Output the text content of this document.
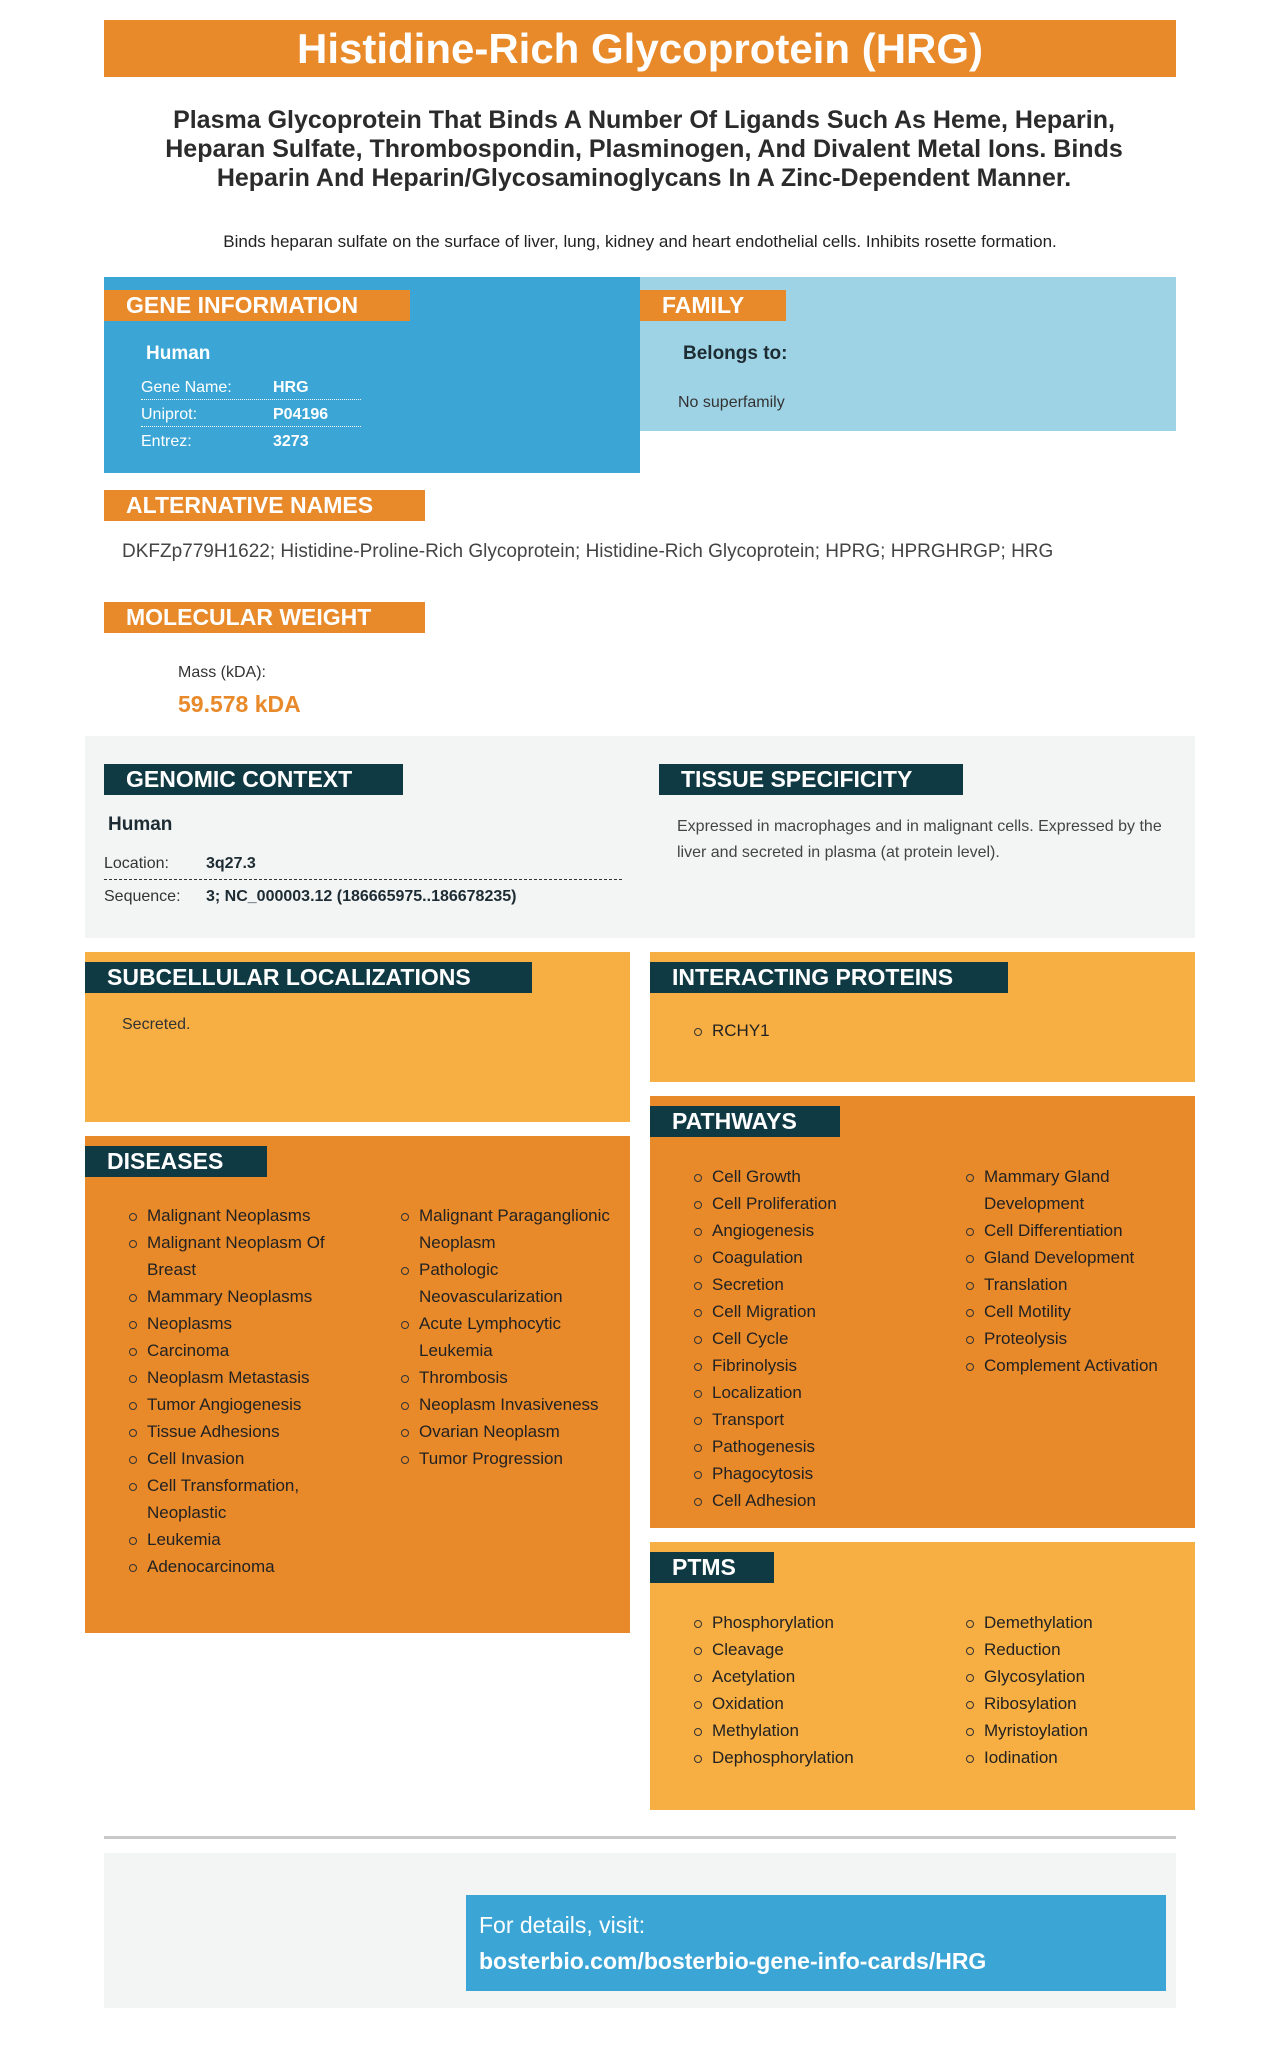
Histidine-Rich Glycoprotein (HRG)
Plasma Glycoprotein That Binds A Number Of Ligands Such As Heme, Heparin, Heparan Sulfate, Thrombospondin, Plasminogen, And Divalent Metal Ions. Binds Heparin And Heparin/Glycosaminoglycans In A Zinc-Dependent Manner.
Binds heparan sulfate on the surface of liver, lung, kidney and heart endothelial cells. Inhibits rosette formation.
GENE INFORMATION
Human
Gene Name:	HRG
Uniprot:	P04196
Entrez:	3273
FAMILY
Belongs to:
No superfamily
ALTERNATIVE NAMES
DKFZp779H1622; Histidine-Proline-Rich Glycoprotein; Histidine-Rich Glycoprotein; HPRG; HPRGHRGP; HRG
MOLECULAR WEIGHT
Mass (kDA):
59.578 kDA
GENOMIC CONTEXT
Human
Location: 3q27.3
Sequence: 3; NC_000003.12 (186665975..186678235)
TISSUE SPECIFICITY
Expressed in macrophages and in malignant cells. Expressed by the liver and secreted in plasma (at protein level).
SUBCELLULAR LOCALIZATIONS
Secreted.
INTERACTING PROTEINS
RCHY1
DISEASES
Malignant Neoplasms
Malignant Neoplasm Of Breast
Mammary Neoplasms
Neoplasms
Carcinoma
Neoplasm Metastasis
Tumor Angiogenesis
Tissue Adhesions
Cell Invasion
Cell Transformation, Neoplastic
Leukemia
Adenocarcinoma
Malignant Paraganglionic Neoplasm
Pathologic Neovascularization
Acute Lymphocytic Leukemia
Thrombosis
Neoplasm Invasiveness
Ovarian Neoplasm
Tumor Progression
PATHWAYS
Cell Growth
Cell Proliferation
Angiogenesis
Coagulation
Secretion
Cell Migration
Cell Cycle
Fibrinolysis
Localization
Transport
Pathogenesis
Phagocytosis
Cell Adhesion
Mammary Gland Development
Cell Differentiation
Gland Development
Translation
Cell Motility
Proteolysis
Complement Activation
PTMS
Phosphorylation
Cleavage
Acetylation
Oxidation
Methylation
Dephosphorylation
Demethylation
Reduction
Glycosylation
Ribosylation
Myristoylation
Iodination
For details, visit:
bosterbio.com/bosterbio-gene-info-cards/HRG
